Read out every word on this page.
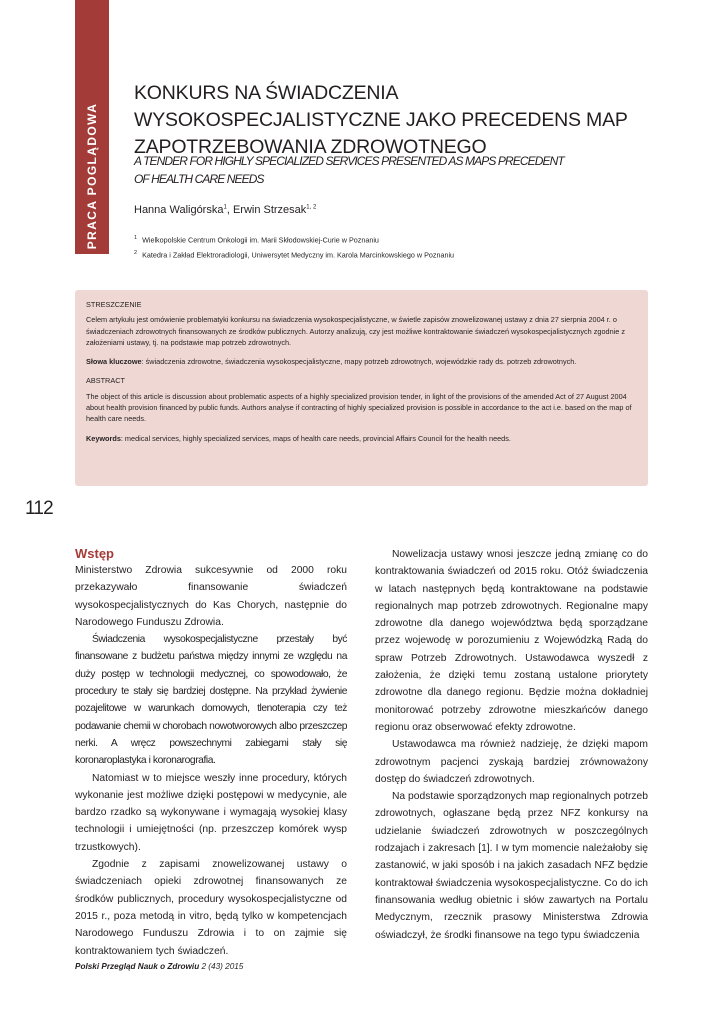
PRACA POGLĄDOWA
KONKURS NA ŚWIADCZENIA WYSOKOSPECJALISTYCZNE JAKO PRECEDENS MAP ZAPOTRZEBOWANIA ZDROWOTNEGO

A TENDER FOR HIGHLY SPECIALIZED SERVICES PRESENTED AS MAPS PRECEDENT OF HEALTH CARE NEEDS

Hanna Waligórska$^1$, Erwin Strzesak$^{1, 2}$

$^1$ Wielkopolskie Centrum Onkologii im. Marii Skłodowskiej-Curie w Poznaniu
$^2$ Katedra i Zakład Elektroradiologii, Uniwersytet Medyczny im. Karola Marcinkowskiego w Poznaniu
STRESZCZENIE

Celem artykułu jest omówienie problematyki konkursu na świadczenia wysokospecjalistyczne, w świetle zapisów znowelizowanej ustawy z dnia 27 sierpnia 2004 r. o świadczeniach zdrowotnych finansowanych ze środków publicznych. Autorzy analizują, czy jest możliwe kontraktowanie świadczeń wysokospecjalistycznych zgodnie z założeniami ustawy, tj. na podstawie map potrzeb zdrowotnych.

Słowa kluczowe: świadczenia zdrowotne, świadczenia wysokospecjalistyczne, mapy potrzeb zdrowotnych, wojewódzkie rady ds. potrzeb zdrowotnych.

ABSTRACT

The object of this article is discussion about problematic aspects of a highly specialized provision tender, in light of the provisions of the amended Act of 27 August 2004 about health provision financed by public funds. Authors analyse if contracting of highly specialized provision is possible in accordance to the act i.e. based on the map of health care needs.

Keywords: medical services, highly specialized services, maps of health care needs, provincial Affairs Council for the health needs.

112
Wstęp

Ministerstwo Zdrowia sukcesywnie od 2000 roku przekazywało finansowanie świadczeń wysokospecjalistycznych do Kas Chorych, następnie do Narodowego Funduszu Zdrowia.

Świadczenia wysokospecjalistyczne przestały być finansowane z budżetu państwa między innymi ze względu na duży postęp w technologii medycznej, co spowodowało, że procedury te stały się bardziej dostępne. Na przykład żywienie pozajelitowe w warunkach domowych, tlenoterapia czy też podawanie chemii w chorobach nowotworowych albo przeszczep nerki. A wręcz powszechnymi zabiegami stały się koronaroplastyka i koronarografia.

Natomiast w to miejsce weszły inne procedury, których wykonanie jest możliwe dzięki postępowi w medycynie, ale bardzo rzadko są wykonywane i wymagają wysokiej klasy technologii i umiejętności (np. przeszczep komórek wysp trzustkowych).

Zgodnie z zapisami znowelizowanej ustawy o świadczeniach opieki zdrowotnej finansowanych ze środków publicznych, procedury wysokospecjalistyczne od 2015 r., poza metodą in vitro, będą tylko w kompetencjach Narodowego Funduszu Zdrowia i to on zajmie się kontraktowaniem tych świadczeń.

Nowelizacja ustawy wnosi jeszcze jedną zmianę co do kontraktowania świadczeń od 2015 roku. Otóż świadczenia w latach następnych będą kontraktowane na podstawie regionalnych map potrzeb zdrowotnych. Regionalne mapy zdrowotne dla danego województwa będą sporządzane przez wojewodę w porozumieniu z Wojewódzką Radą do spraw Potrzeb Zdrowotnych. Ustawodawca wyszedł z założenia, że dzięki temu zostaną ustalone priorytety zdrowotne dla danego regionu. Będzie można dokładniej monitorować potrzeby zdrowotne mieszkańców danego regionu oraz obserwować efekty zdrowotne.

Ustawodawca ma również nadzieję, że dzięki mapom zdrowotnym pacjenci zyskają bardziej zrównoważony dostęp do świadczeń zdrowotnych.

Na podstawie sporządzonych map regionalnych potrzeb zdrowotnych, ogłaszane będą przez NFZ konkursy na udzielanie świadczeń zdrowotnych w poszczególnych rodzajach i zakresach [1]. I w tym momencie należałoby się zastanowić, w jaki sposób i na jakich zasadach NFZ będzie kontraktował świadczenia wysokospecjalistyczne. Co do ich finansowania według obietnic i słów zawartych na Portalu Medycznym, rzecznik prasowy Ministerstwa Zdrowia oświadczył, że środki finansowe na tego typu świadczenia

Polski Przegląd Nauk o Zdrowiu 2 (43) 2015
